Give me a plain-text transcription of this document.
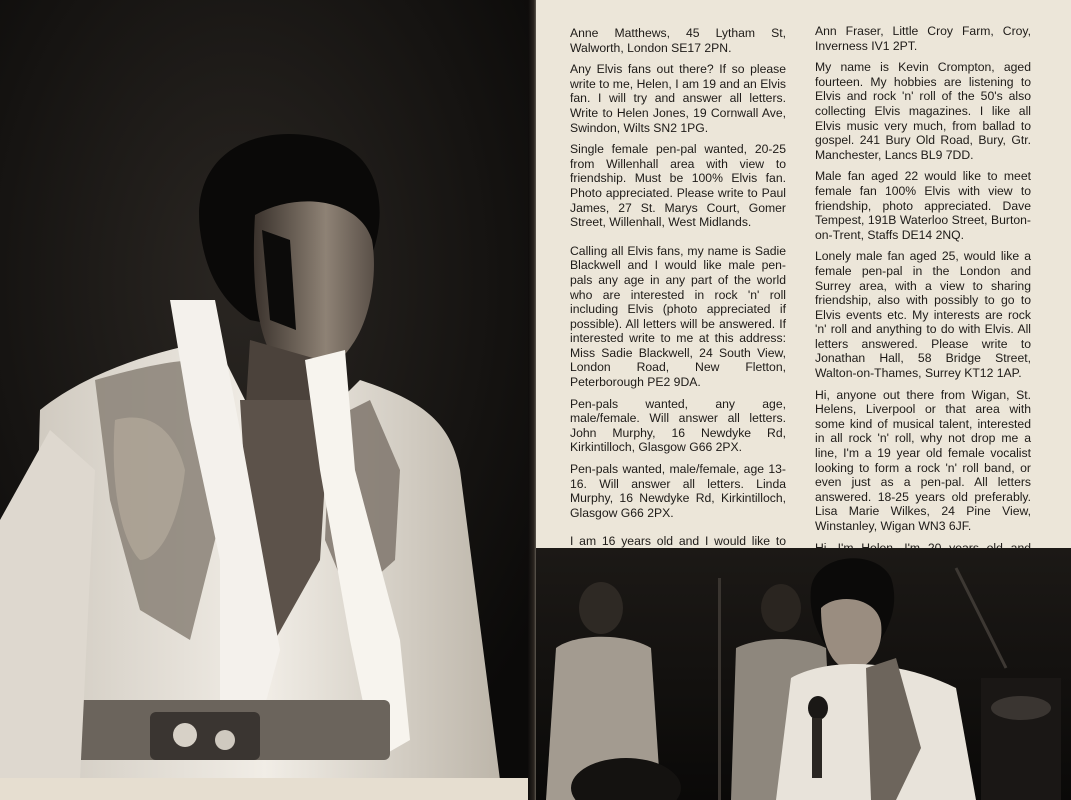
Anne Matthews, 45 Lytham St, Walworth, London SE17 2PN.

Any Elvis fans out there? If so please write to me, Helen, I am 19 and an Elvis fan. I will try and answer all letters. Write to Helen Jones, 19 Cornwall Ave, Swindon, Wilts SN2 1PG.

Single female pen-pal wanted, 20-25 from Willenhall area with view to friendship. Must be 100% Elvis fan. Photo appreciated. Please write to Paul James, 27 St. Marys Court, Gomer Street, Willenhall, West Midlands.

Calling all Elvis fans, my name is Sadie Blackwell and I would like male pen-pals any age in any part of the world who are interested in rock 'n' roll including Elvis (photo appreciated if possible). All letters will be answered. If interested write to me at this address: Miss Sadie Blackwell, 24 South View, London Road, New Fletton, Peterborough PE2 9DA.

Pen-pals wanted, any age, male/female. Will answer all letters. John Murphy, 16 Newdyke Rd, Kirkintilloch, Glasgow G66 2PX.

Pen-pals wanted, male/female, age 13-16. Will answer all letters. Linda Murphy, 16 Newdyke Rd, Kirkintilloch, Glasgow G66 2PX.

I am 16 years old and I would like to

Ann Fraser, Little Croy Farm, Croy, Inverness IV1 2PT.

My name is Kevin Crompton, aged fourteen. My hobbies are listening to Elvis and rock 'n' roll of the 50's also collecting Elvis magazines. I like all Elvis music very much, from ballad to gospel. 241 Bury Old Road, Bury, Gtr. Manchester, Lancs BL9 7DD.

Male fan aged 22 would like to meet female fan 100% Elvis with view to friendship, photo appreciated. Dave Tempest, 191B Waterloo Street, Burton-on-Trent, Staffs DE14 2NQ.

Lonely male fan aged 25, would like a female pen-pal in the London and Surrey area, with a view to sharing friendship, also with possibly to go to Elvis events etc. My interests are rock 'n' roll and anything to do with Elvis. All letters answered. Please write to Jonathan Hall, 58 Bridge Street, Walton-on-Thames, Surrey KT12 1AP.

Hi, anyone out there from Wigan, St. Helens, Liverpool or that area with some kind of musical talent, interested in all rock 'n' roll, why not drop me a line, I'm a 19 year old female vocalist looking to form a rock 'n' roll band, or even just as a pen-pal. All letters answered. 18-25 years old preferably. Lisa Marie Wilkes, 24 Pine View, Winstanley, Wigan WN3 6JF.
